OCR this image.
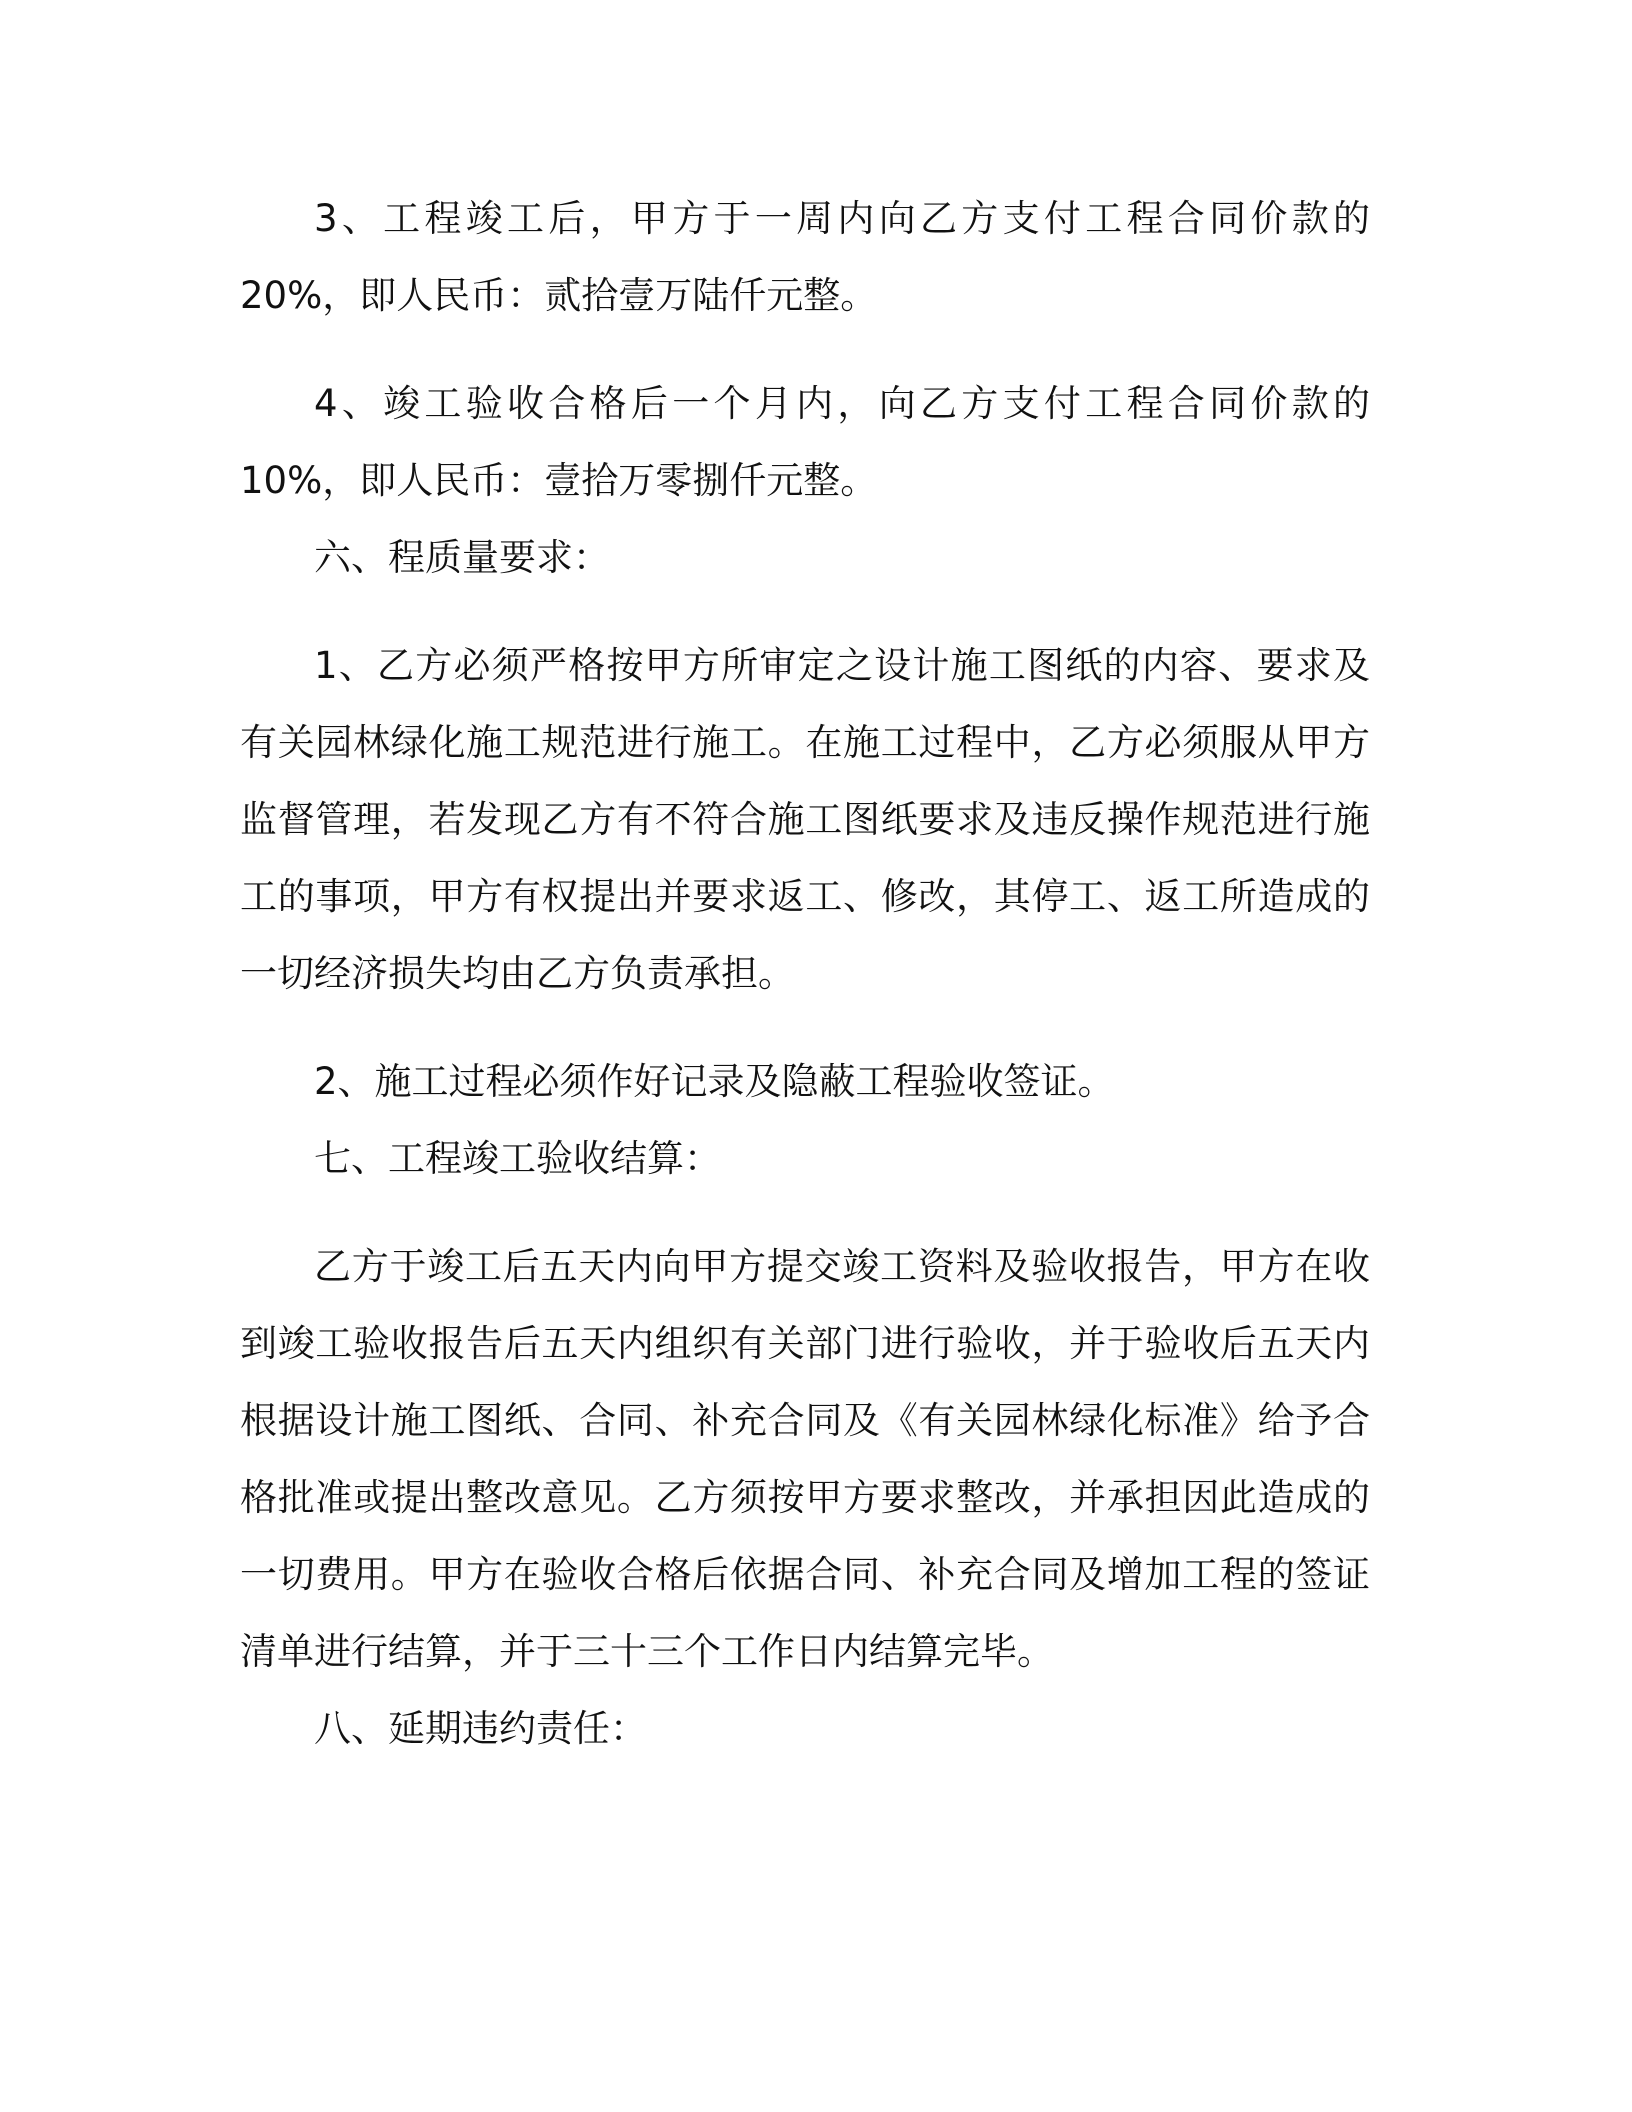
3、工程竣工后，甲方于一周内向乙方支付工程合同价款的 20%，即人民币：贰拾壹万陆仟元整。

4、竣工验收合格后一个月内，向乙方支付工程合同价款的 10%，即人民币：壹拾万零捌仟元整。

六、程质量要求：

1、乙方必须严格按甲方所审定之设计施工图纸的内容、要求及有关园林绿化施工规范进行施工。在施工过程中，乙方必须服从甲方监督管理，若发现乙方有不符合施工图纸要求及违反操作规范进行施工的事项，甲方有权提出并要求返工、修改，其停工、返工所造成的一切经济损失均由乙方负责承担。

2、施工过程必须作好记录及隐蔽工程验收签证。

七、工程竣工验收结算：

乙方于竣工后五天内向甲方提交竣工资料及验收报告，甲方在收到竣工验收报告后五天内组织有关部门进行验收，并于验收后五天内根据设计施工图纸、合同、补充合同及《有关园林绿化标准》给予合格批准或提出整改意见。乙方须按甲方要求整改，并承担因此造成的一切费用。甲方在验收合格后依据合同、补充合同及增加工程的签证清单进行结算，并于三十三个工作日内结算完毕。

八、延期违约责任：
